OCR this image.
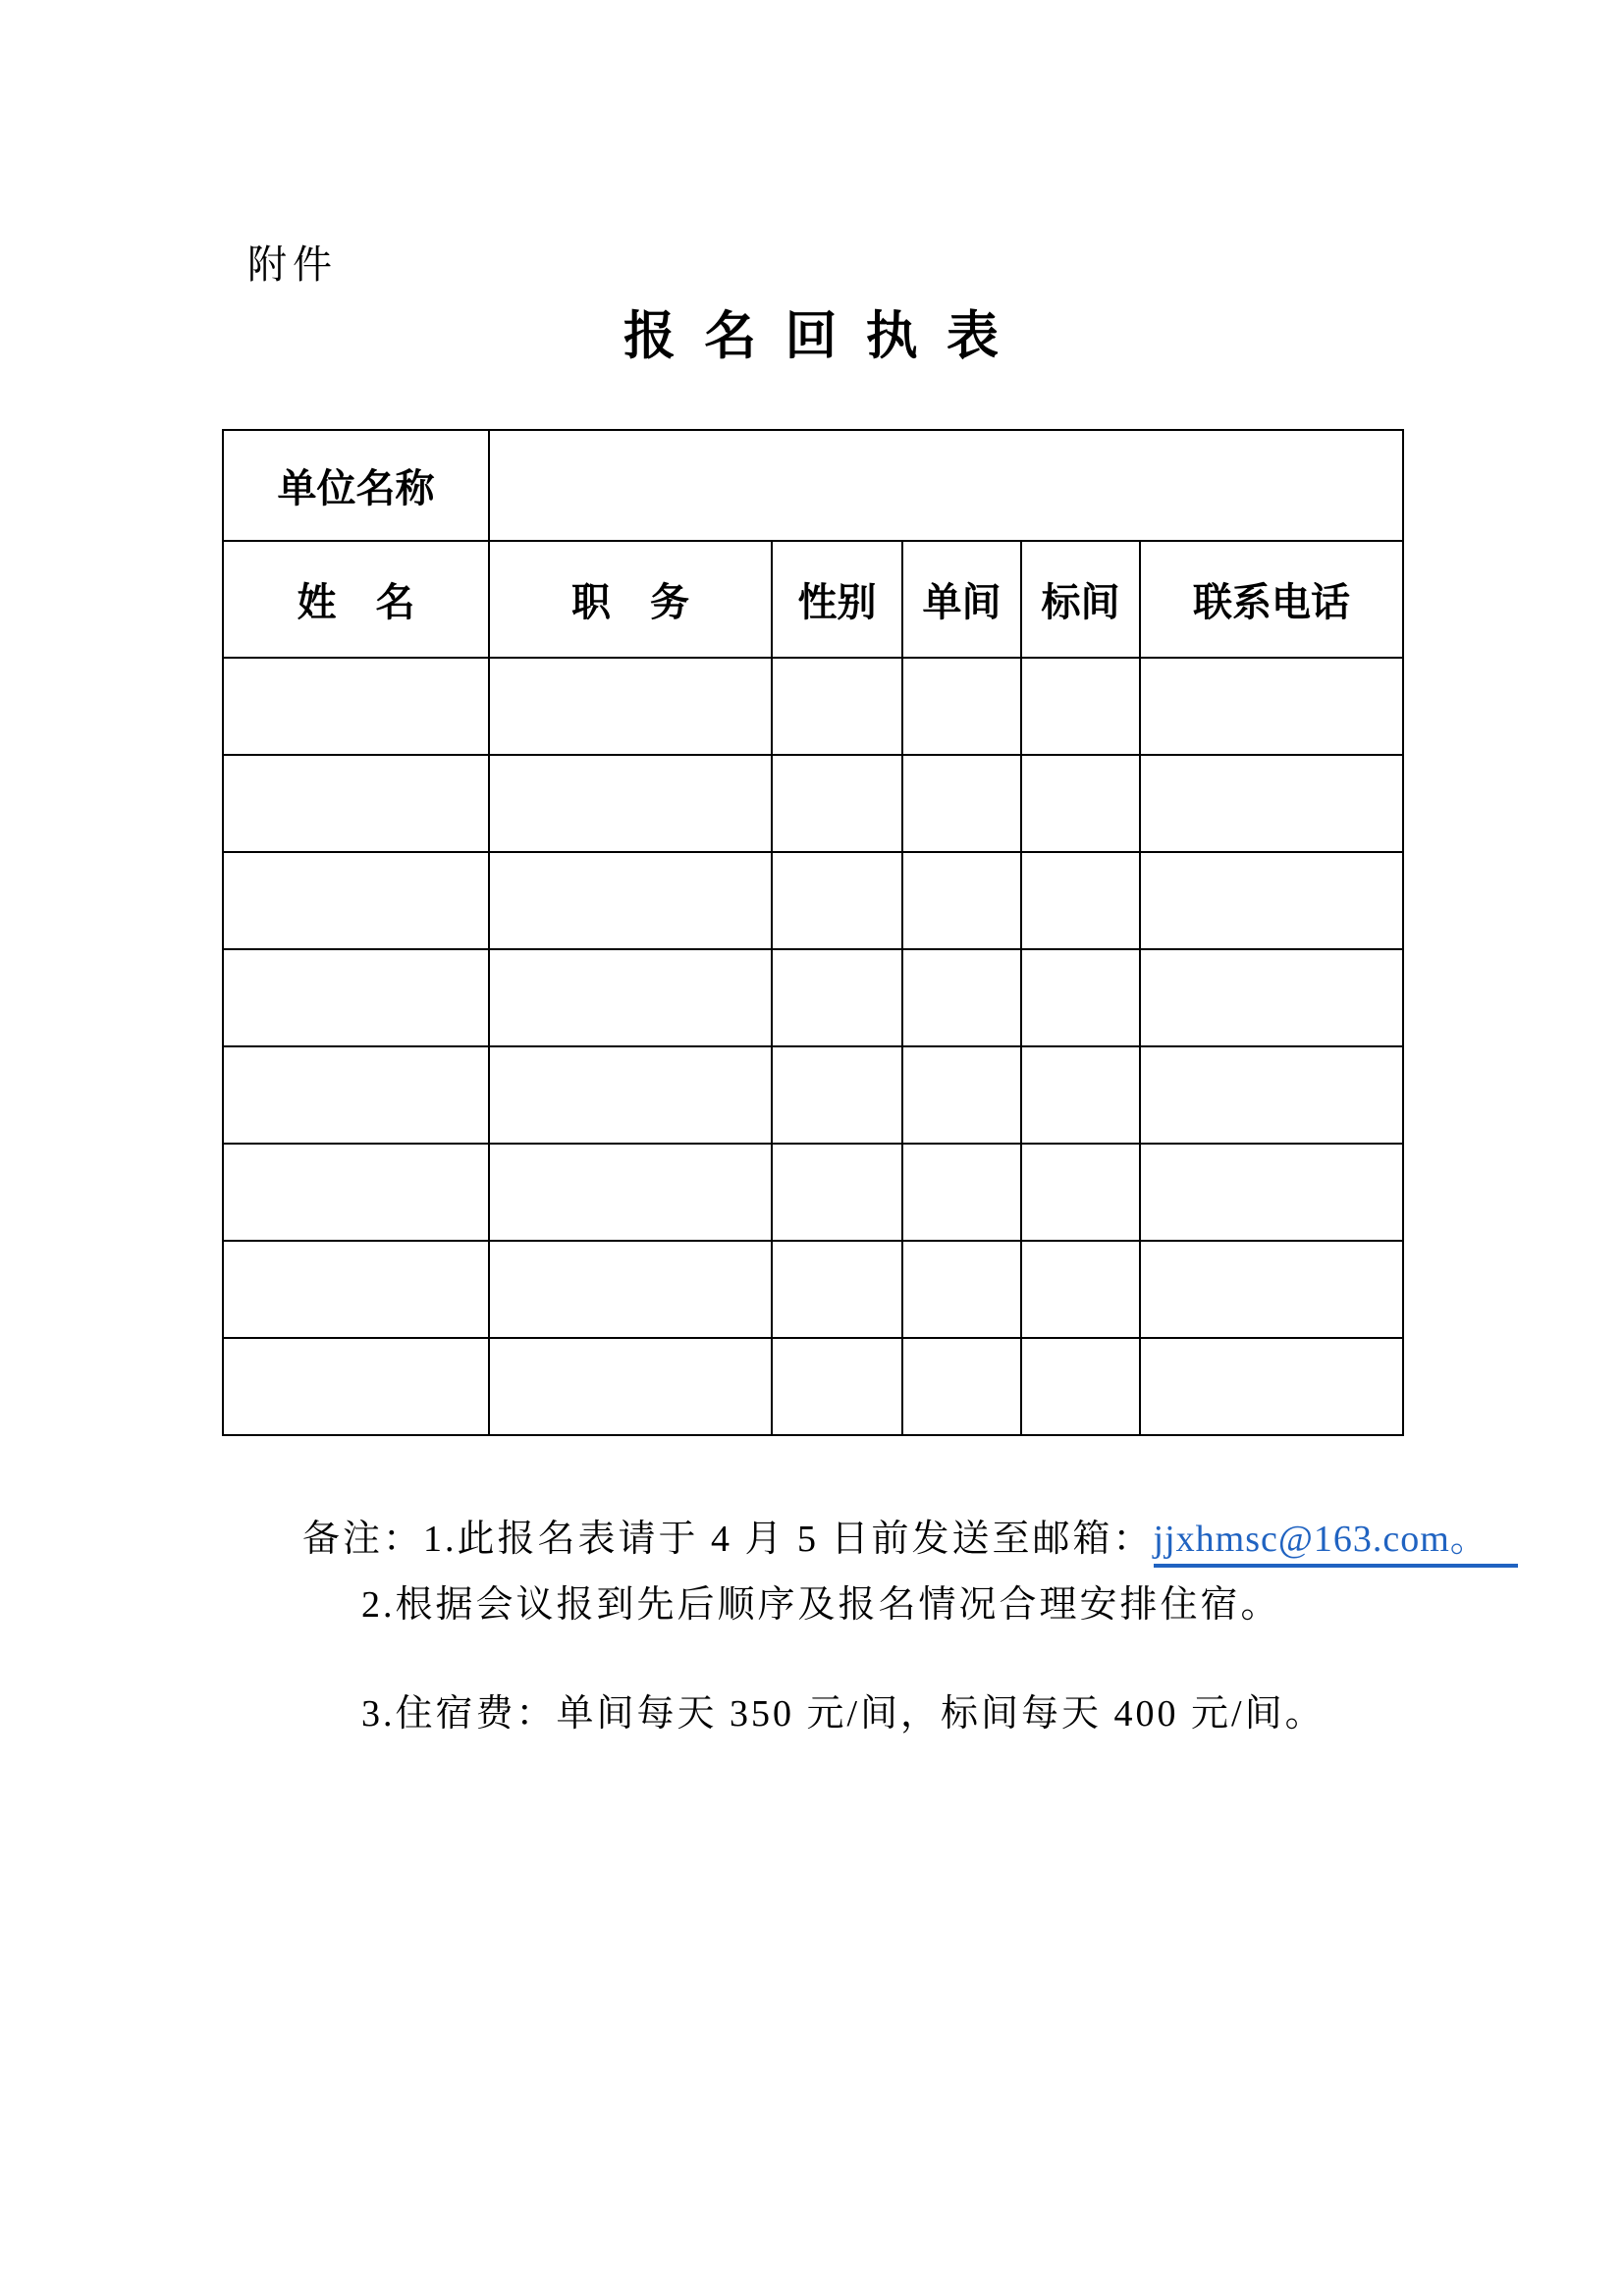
附件
报 名 回 执 表
单位名称					
姓　名	职　务	性别	单间	标间	联系电话

备注：1.此报名表请于 4 月 5 日前发送至邮箱：jjxhmsc@163.com。

2.根据会议报到先后顺序及报名情况合理安排住宿。
3.住宿费：单间每天 350 元/间，标间每天 400 元/间。
